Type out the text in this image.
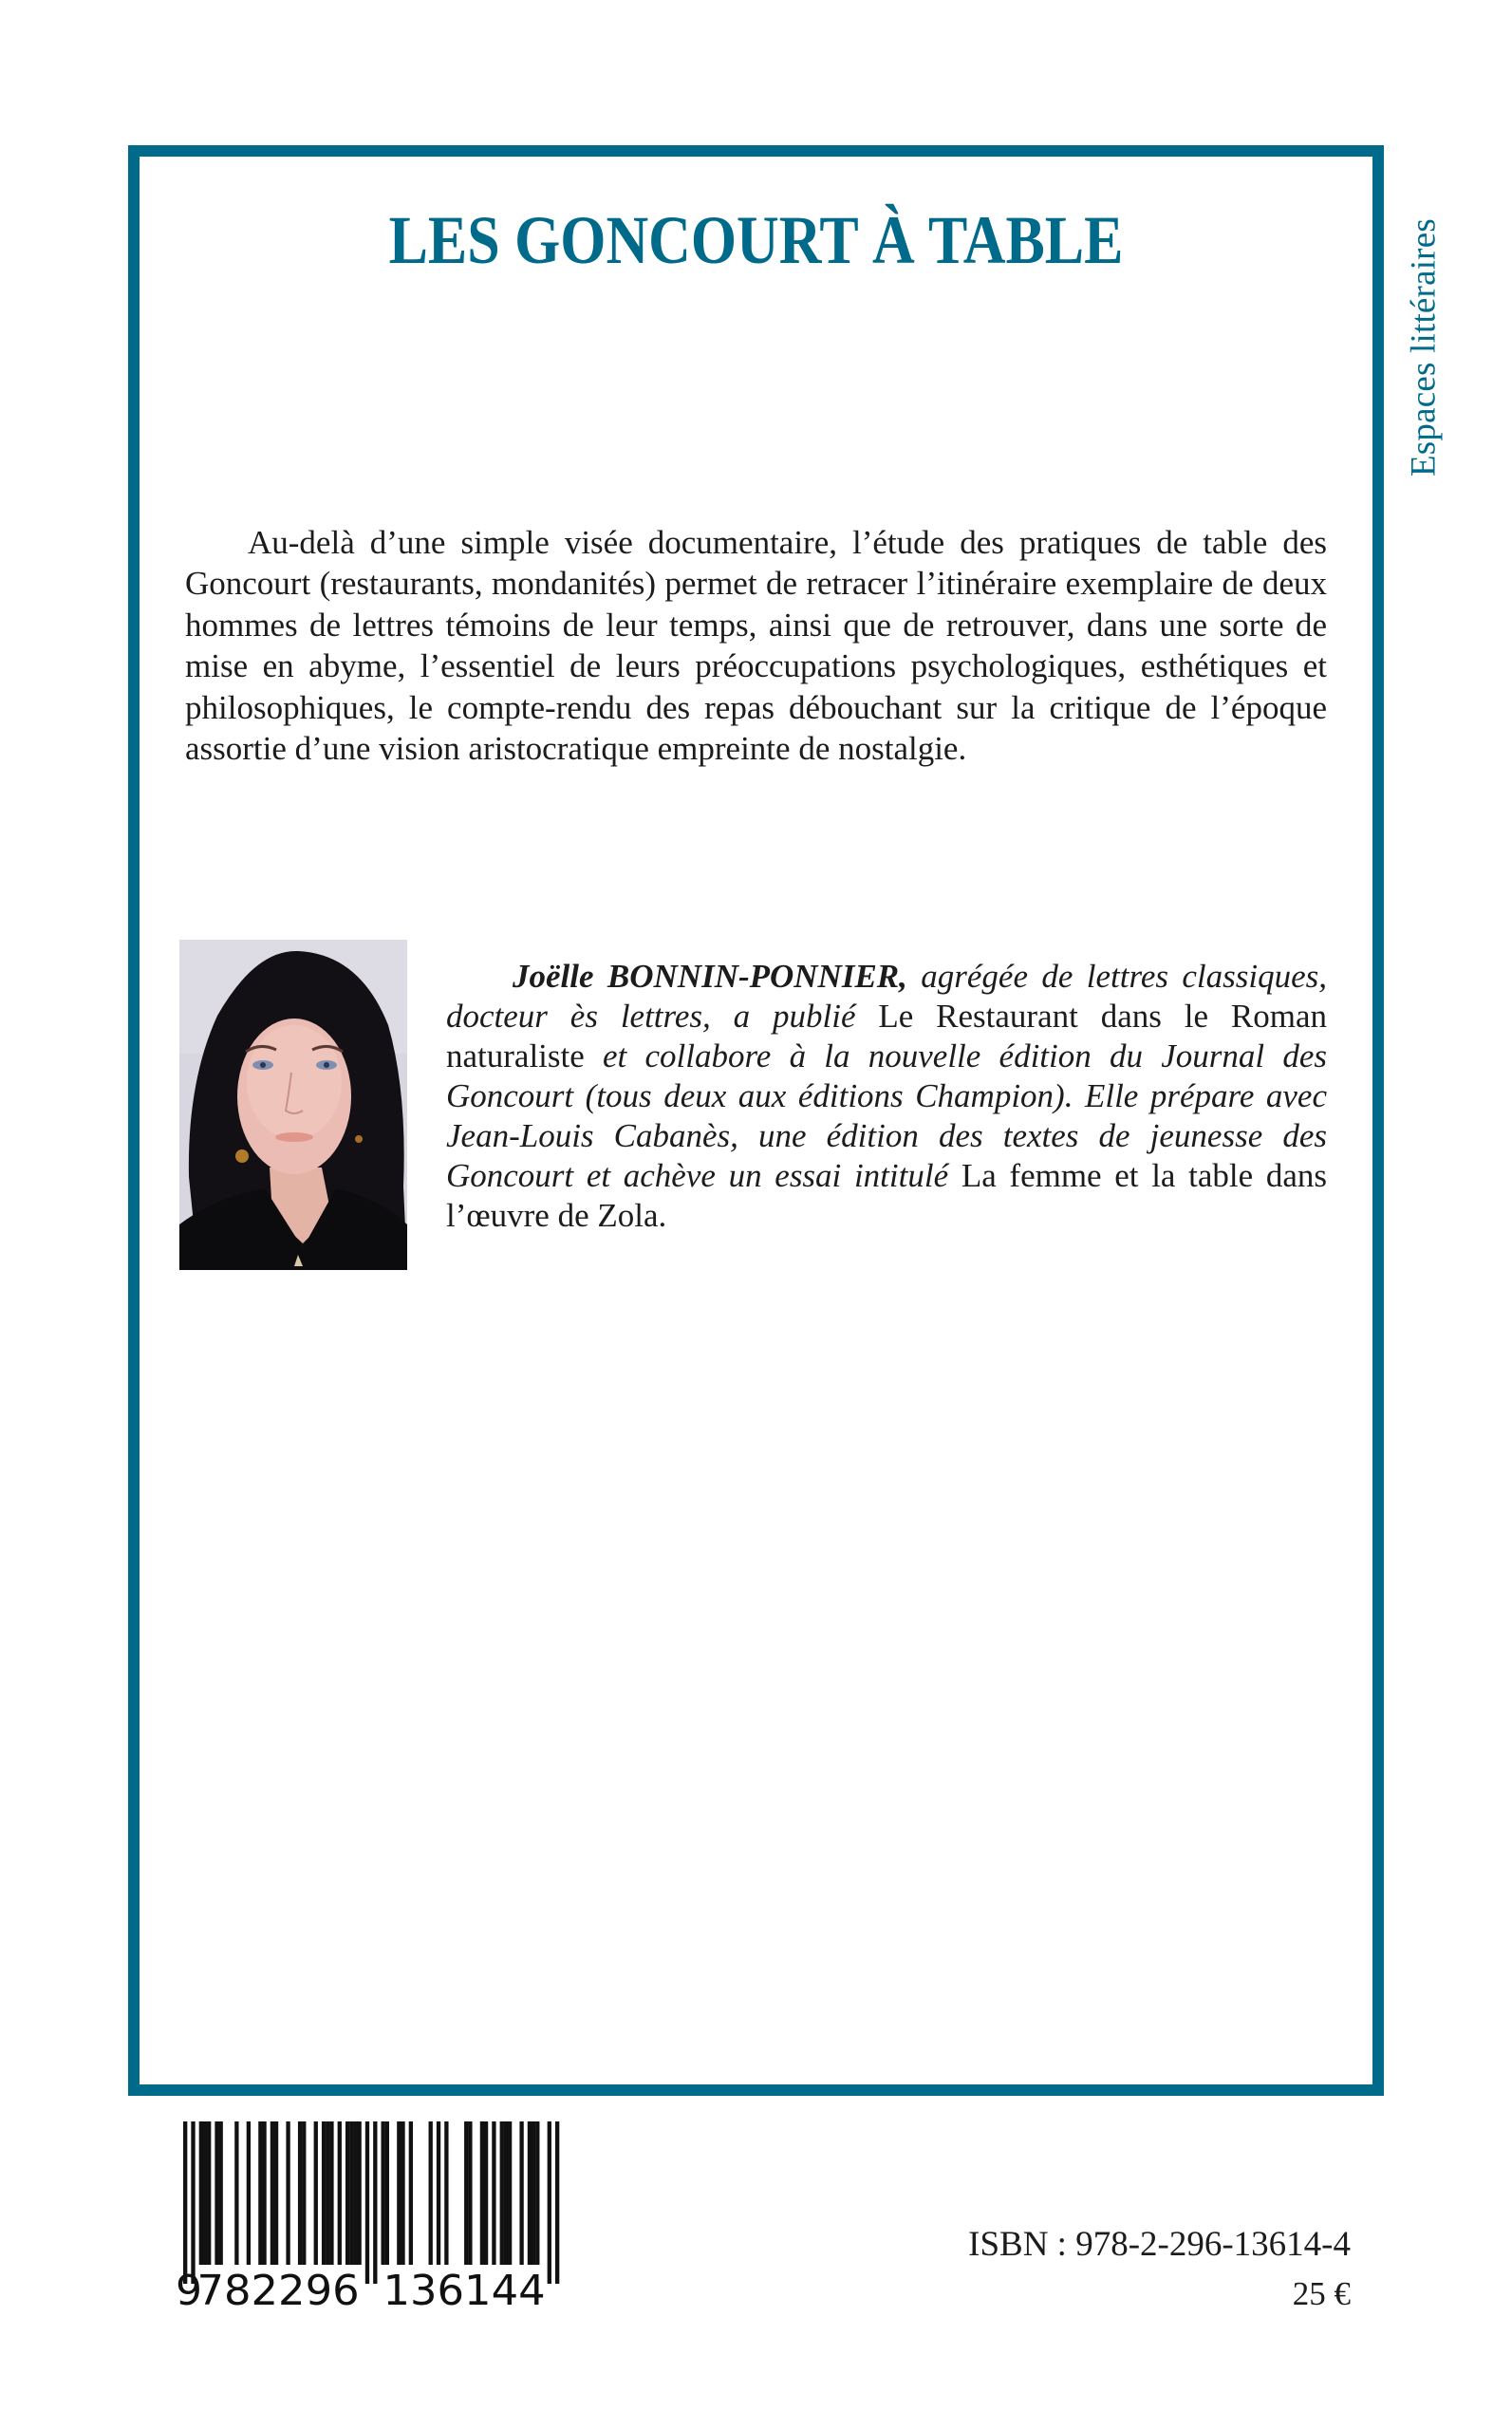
LES GONCOURT À TABLE	Espaces littéraires

Au-delà d’une simple visée documentaire, l’étude des pratiques de table des Goncourt (restaurants, mondanités) permet de retracer l’itinéraire exemplaire de deux hommes de lettres témoins de leur temps, ainsi que de retrouver, dans une sorte de mise en abyme, l’essentiel de leurs préoccupations psychologiques, esthétiques et philosophiques, le compte-rendu des repas débouchant sur la critique de l’époque assortie d’une vision aristocratique empreinte de nostalgie.

Joëlle BONNIN-PONNIER, agrégée de lettres classiques, docteur ès lettres, a publié Le Restaurant dans le Roman naturaliste et collabore à la nouvelle édition du Journal des Goncourt (tous deux aux éditions Champion). Elle prépare avec Jean-Louis Cabanès, une édition des textes de jeunesse des Goncourt et achève un essai intitulé La femme et la table dans l’œuvre de Zola.

9
782296 136144
ISBN : 978-2-296-13614-4
25 €
